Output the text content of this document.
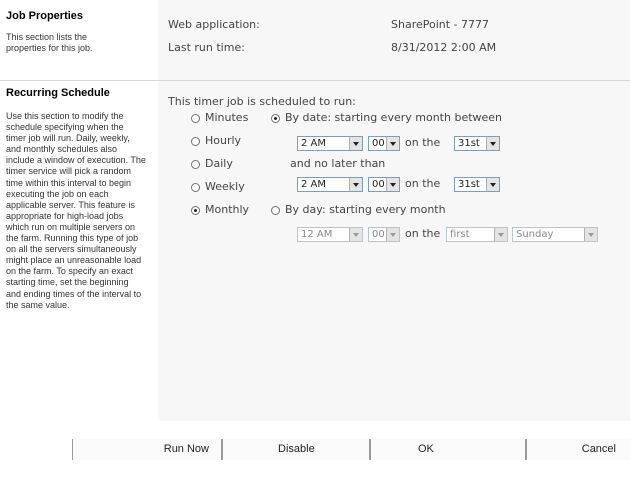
Job Properties
This section lists the properties for this job.
Web application:	SharePoint - 7777
Last run time:	8/31/2012 2:00 AM
Recurring Schedule
Use this section to modify the schedule specifying when the timer job will run. Daily, weekly, and monthly schedules also include a window of execution. The timer service will pick a random time within this interval to begin executing the job on each applicable server. This feature is appropriate for high-load jobs which run on multiple servers on the farm. Running this type of job on all the servers simultaneously might place an unreasonable load on the farm. To specify an exact starting time, set the beginning and ending times of the interval to the same value.
This timer job is scheduled to run:
Minutes
Hourly
Daily
Weekly
Monthly
By date: starting every month between
2 AM	00	on the	31st
and no later than
2 AM	00	on the	31st
By day: starting every month
12 AM	00	on the first	Sunday
Run Now	Disable	OK	Cancel
